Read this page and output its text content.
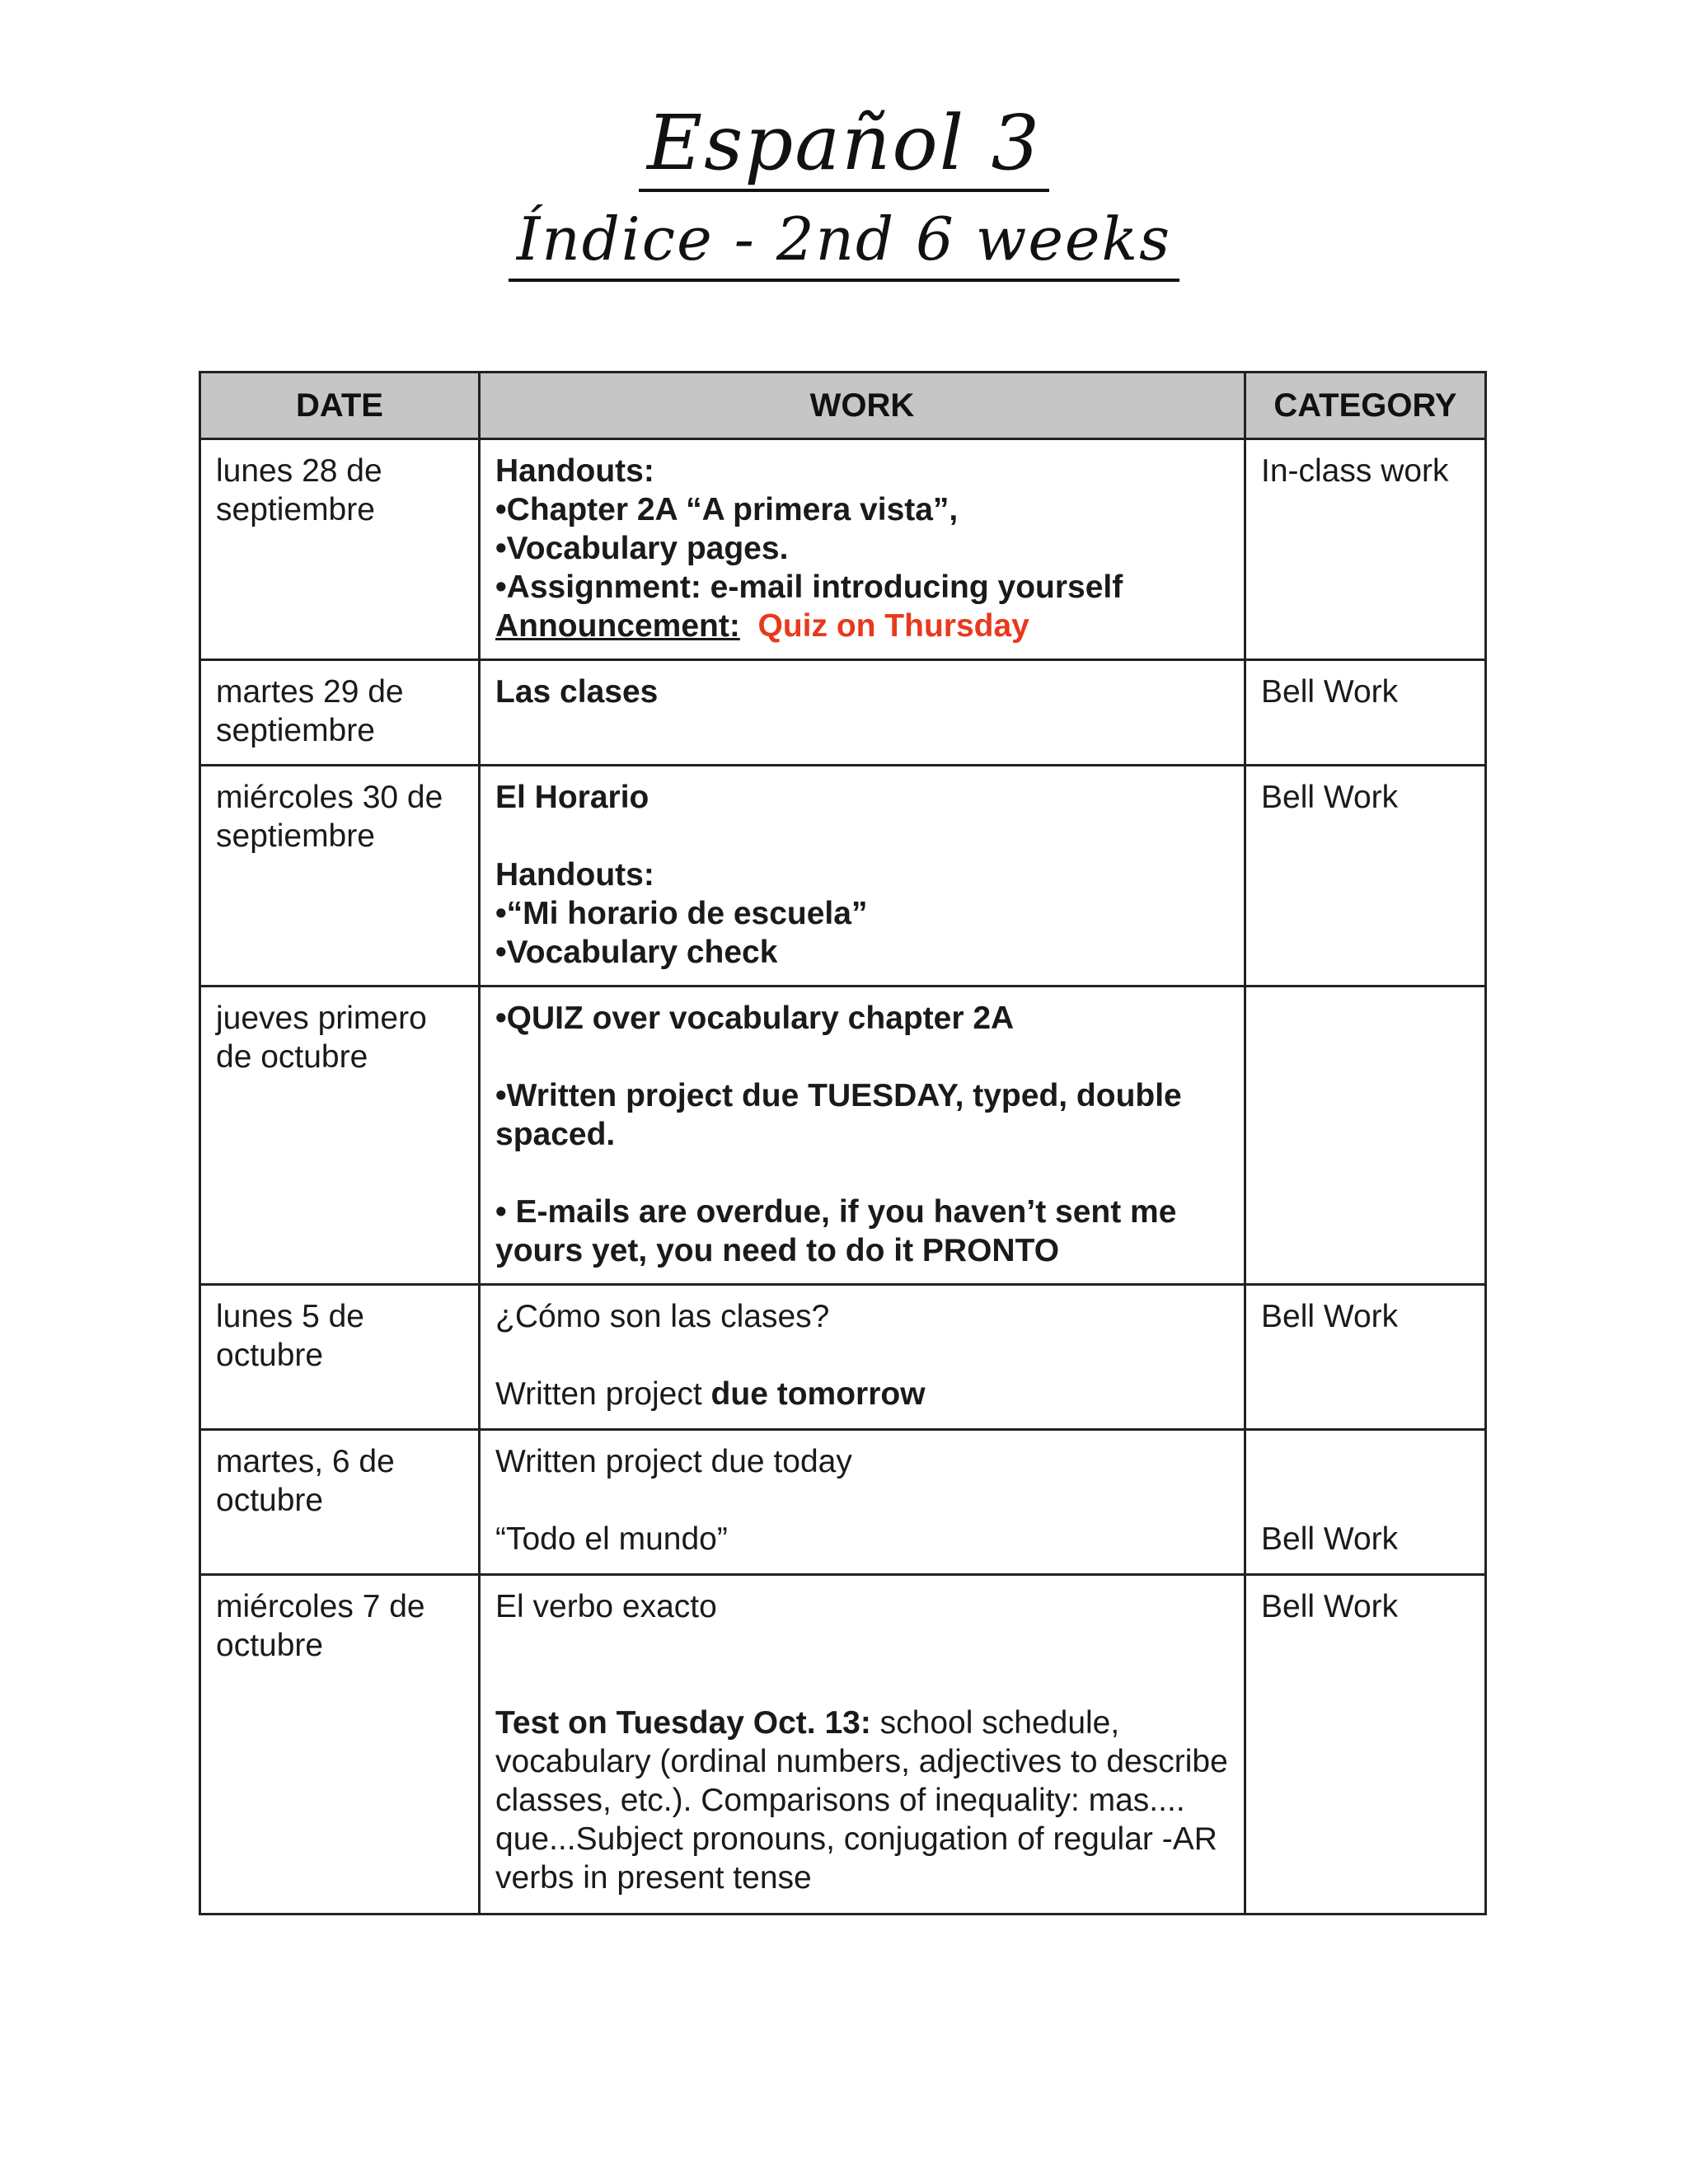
Español 3
Índice - 2nd 6 weeks
DATE	WORK	CATEGORY
lunes 28 de septiembre	Handouts:
•Chapter 2A “A primera vista”,
•Vocabulary pages.
•Assignment: e-mail introducing yourself
Announcement: Quiz on Thursday	In-class work
martes 29 de septiembre	Las clases	Bell Work
miércoles 30 de septiembre	El Horario
Handouts:
•“Mi horario de escuela”
•Vocabulary check	Bell Work
jueves primero de octubre	•QUIZ over vocabulary chapter 2A
•Written project due TUESDAY, typed, double spaced.
• E-mails are overdue, if you haven’t sent me yours yet, you need to do it PRONTO	

lunes 5 de octubre	¿Cómo son las clases?
Written project due tomorrow	Bell Work
martes, 6 de octubre	Written project due today
“Todo el mundo”	Bell Work

miércoles 7 de octubre	El verbo exacto
Test on Tuesday Oct. 13: school schedule, vocabulary (ordinal numbers, adjectives to describe classes, etc.). Comparisons of inequality: mas.... que...Subject pronouns, conjugation of regular -AR verbs in present tense	Bell Work
